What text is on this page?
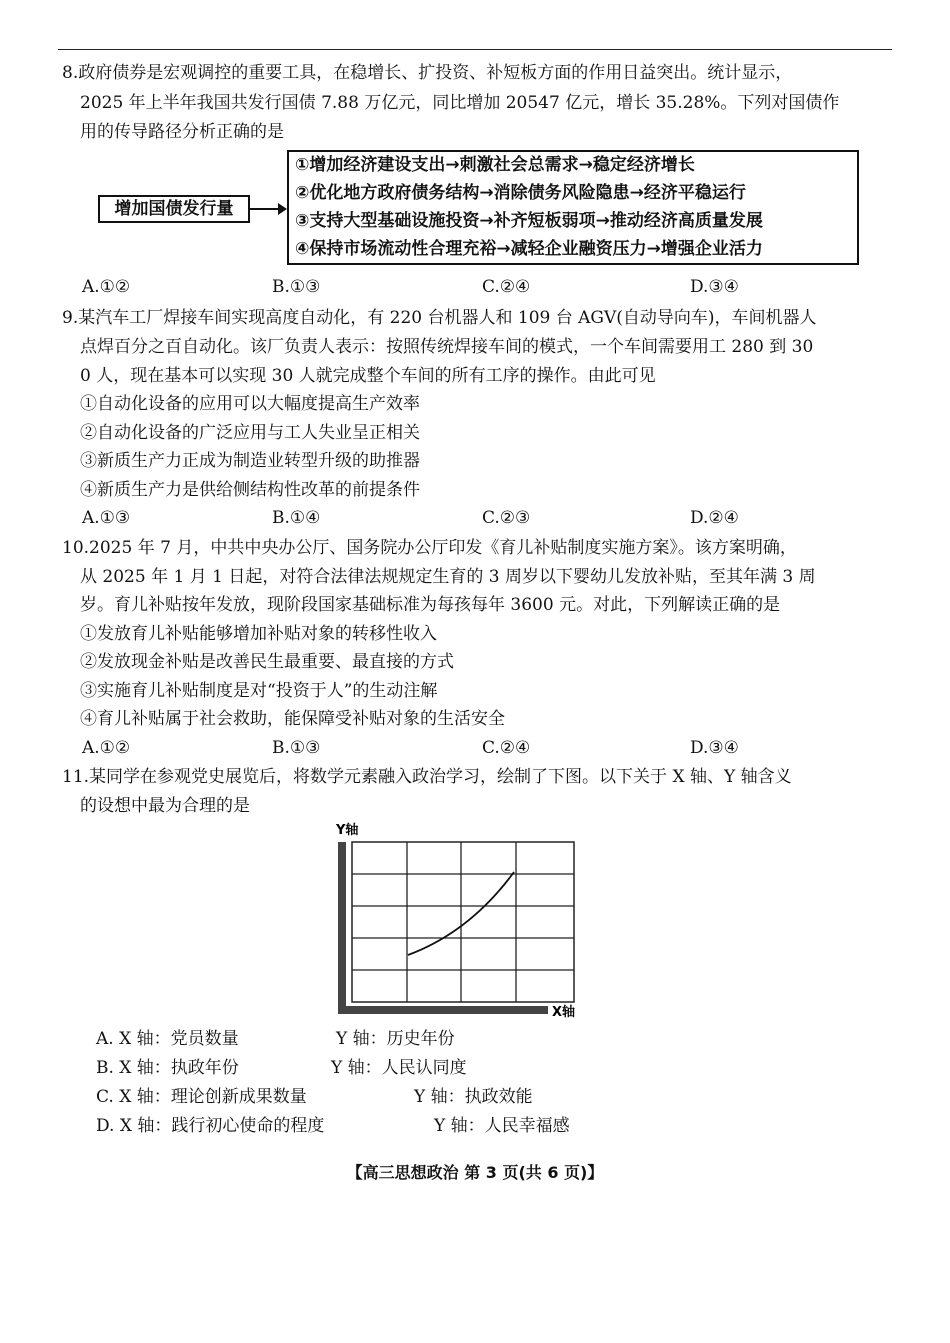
8.政府债券是宏观调控的重要工具，在稳增长、扩投资、补短板方面的作用日益突出。统计显示，
2025 年上半年我国共发行国债 7.88 万亿元，同比增加 20547 亿元，增长 35.28%。下列对国债作
用的传导路径分析正确的是
增加国债发行量
①增加经济建设支出→刺激社会总需求→稳定经济增长
②优化地方政府债务结构→消除债务风险隐患→经济平稳运行
③支持大型基础设施投资→补齐短板弱项→推动经济高质量发展
④保持市场流动性合理充裕→减轻企业融资压力→增强企业活力
A.①②	B.①③	C.②④	D.③④
9.某汽车工厂焊接车间实现高度自动化，有 220 台机器人和 109 台 AGV(自动导向车)，车间机器人
点焊百分之百自动化。该厂负责人表示：按照传统焊接车间的模式，一个车间需要用工 280 到 30
0 人，现在基本可以实现 30 人就完成整个车间的所有工序的操作。由此可见
①自动化设备的应用可以大幅度提高生产效率
②自动化设备的广泛应用与工人失业呈正相关
③新质生产力正成为制造业转型升级的助推器
④新质生产力是供给侧结构性改革的前提条件
A.①③	B.①④	C.②③	D.②④
10.2025 年 7 月，中共中央办公厅、国务院办公厅印发《育儿补贴制度实施方案》。该方案明确，
从 2025 年 1 月 1 日起，对符合法律法规规定生育的 3 周岁以下婴幼儿发放补贴，至其年满 3 周
岁。育儿补贴按年发放，现阶段国家基础标准为每孩每年 3600 元。对此，下列解读正确的是
①发放育儿补贴能够增加补贴对象的转移性收入
②发放现金补贴是改善民生最重要、最直接的方式
③实施育儿补贴制度是对“投资于人”的生动注解
④育儿补贴属于社会救助，能保障受补贴对象的生活安全
A.①②	B.①③	C.②④	D.③④
11.某同学在参观党史展览后，将数学元素融入政治学习，绘制了下图。以下关于 X 轴、Y 轴含义
的设想中最为合理的是
Y轴
X轴
A. X 轴：党员数量	Y 轴：历史年份
B. X 轴：执政年份	Y 轴：人民认同度
C. X 轴：理论创新成果数量	Y 轴：执政效能
D. X 轴：践行初心使命的程度	Y 轴：人民幸福感
【高三思想政治 第 3 页(共 6 页)】
